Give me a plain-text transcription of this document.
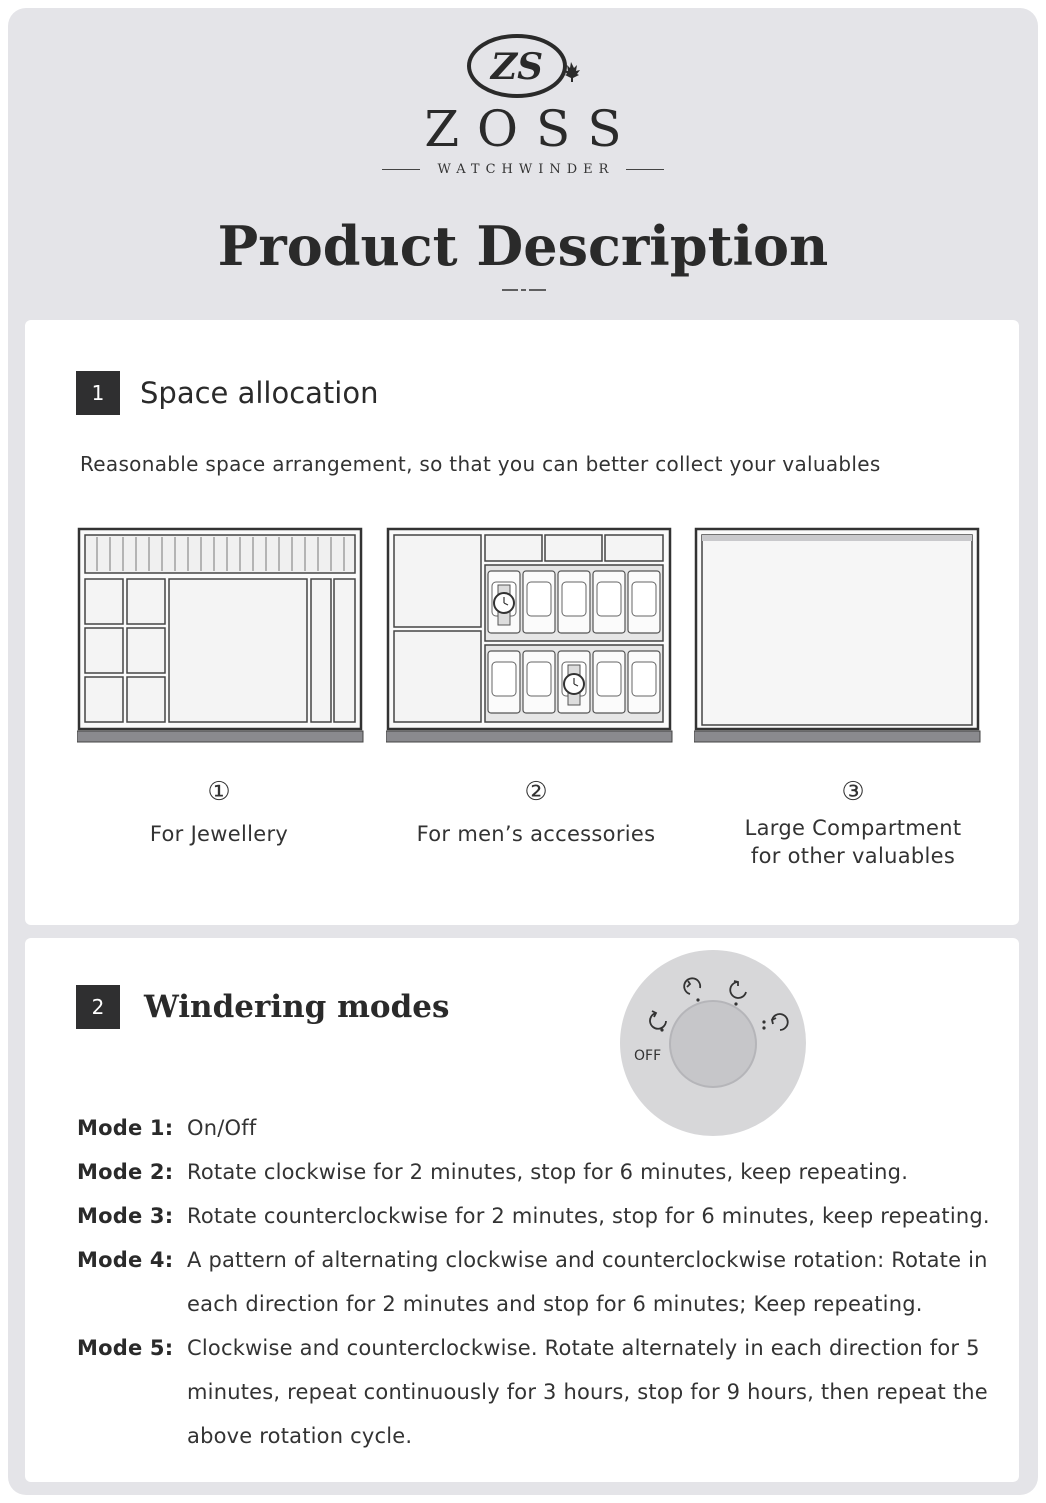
ZS
ZOSS
WATCHWINDER
Product Description
1	Space allocation
Reasonable space arrangement, so that you can better collect your valuables
①
For Jewellery
②
For men’s accessories
③
Large Compartment
for other valuables
2	Windering modes
OFF
Mode 1: On/Off
Mode 2: Rotate clockwise for 2 minutes, stop for 6 minutes, keep repeating.
Mode 3: Rotate counterclockwise for 2 minutes, stop for 6 minutes, keep repeating.
Mode 4: A pattern of alternating clockwise and counterclockwise rotation: Rotate in each direction for 2 minutes and stop for 6 minutes; Keep repeating.
Mode 5: Clockwise and counterclockwise. Rotate alternately in each direction for 5 minutes, repeat continuously for 3 hours, stop for 9 hours, then repeat the above rotation cycle.
